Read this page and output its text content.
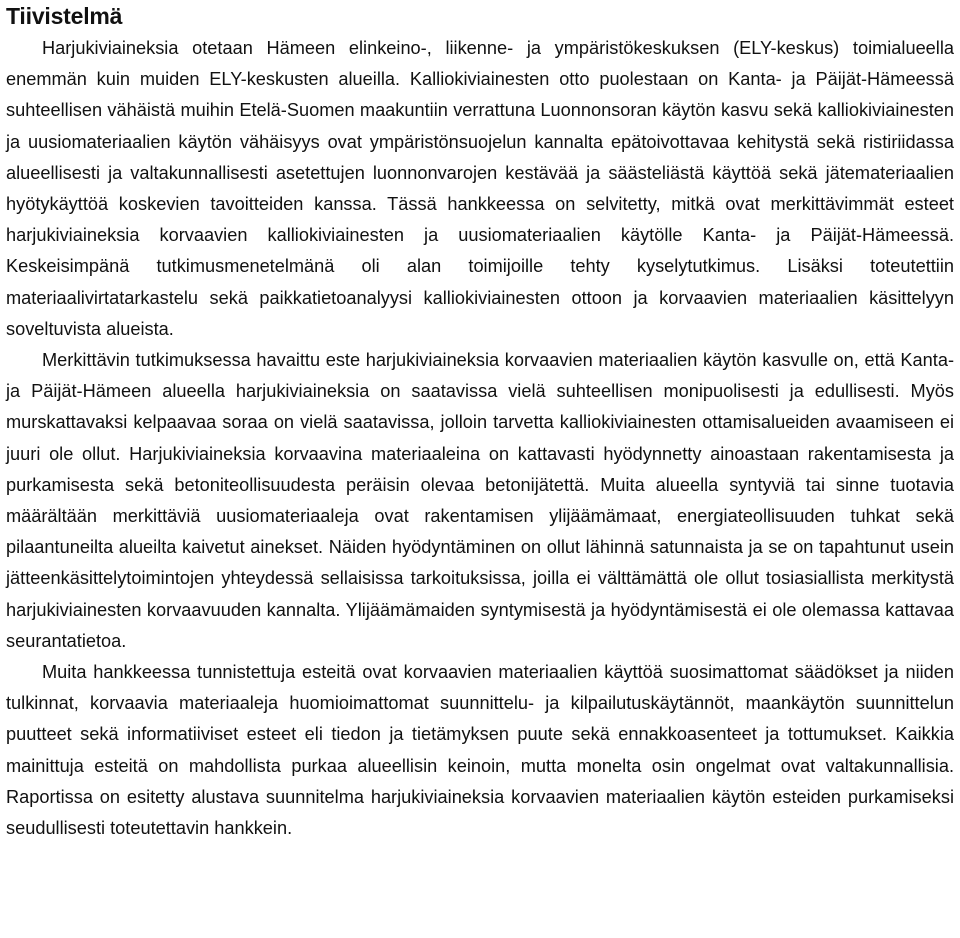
Tiivistelmä

Harjukiviaineksia otetaan Hämeen elinkeino-, liikenne- ja ympäristökeskuksen (ELY-keskus) toimialueella enemmän kuin muiden ELY-keskusten alueilla. Kalliokiviainesten otto puolestaan on Kanta- ja Päijät-Hämeessä suhteellisen vähäistä muihin Etelä-Suomen maakuntiin verrattuna Luonnonsoran käytön kasvu sekä kalliokiviainesten ja uusiomateriaalien käytön vähäisyys ovat ympäristönsuojelun kannalta epätoivottavaa kehitystä sekä ristiriidassa alueellisesti ja valtakunnallisesti asetettujen luonnonvarojen kestävää ja säästeliästä käyttöä sekä jätemateriaalien hyötykäyttöä koskevien tavoitteiden kanssa. Tässä hankkeessa on selvitetty, mitkä ovat merkittävimmät esteet harjukiviaineksia korvaavien kalliokiviainesten ja uusiomateriaalien käytölle Kanta- ja Päijät-Hämeessä. Keskeisimpänä tutkimusmenetelmänä oli alan toimijoille tehty kyselytutkimus. Lisäksi toteutettiin materiaalivirtatarkastelu sekä paikkatietoanalyysi kalliokiviainesten ottoon ja korvaavien materiaalien käsittelyyn soveltuvista alueista.

Merkittävin tutkimuksessa havaittu este harjukiviaineksia korvaavien materiaalien käytön kasvulle on, että Kanta- ja Päijät-Hämeen alueella harjukiviaineksia on saatavissa vielä suhteellisen monipuolisesti ja edullisesti. Myös murskattavaksi kelpaavaa soraa on vielä saatavissa, jolloin tarvetta kalliokiviainesten ottamisalueiden avaamiseen ei juuri ole ollut. Harjukiviaineksia korvaavina materiaaleina on kattavasti hyödynnetty ainoastaan rakentamisesta ja purkamisesta sekä betoniteollisuudesta peräisin olevaa betonijätettä. Muita alueella syntyviä tai sinne tuotavia määrältään merkittäviä uusiomateriaaleja ovat rakentamisen ylijäämämaat, energiateollisuuden tuhkat sekä pilaantuneilta alueilta kaivetut ainekset. Näiden hyödyntäminen on ollut lähinnä satunnaista ja se on tapahtunut usein jätteenkäsittelytoimintojen yhteydessä sellaisissa tarkoituksissa, joilla ei välttämättä ole ollut tosiasiallista merkitystä harjukiviainesten korvaavuuden kannalta. Ylijäämämaiden syntymisestä ja hyödyntämisestä ei ole olemassa kattavaa seurantatietoa.

Muita hankkeessa tunnistettuja esteitä ovat korvaavien materiaalien käyttöä suosimattomat säädökset ja niiden tulkinnat, korvaavia materiaaleja huomioimattomat suunnittelu- ja kilpailutuskäytännöt, maankäytön suunnittelun puutteet sekä informatiiviset esteet eli tiedon ja tietämyksen puute sekä ennakkoasenteet ja tottumukset. Kaikkia mainittuja esteitä on mahdollista purkaa alueellisin keinoin, mutta monelta osin ongelmat ovat valtakunnallisia. Raportissa on esitetty alustava suunnitelma harjukiviaineksia korvaavien materiaalien käytön esteiden purkamiseksi seudullisesti toteutettavin hankkein.
